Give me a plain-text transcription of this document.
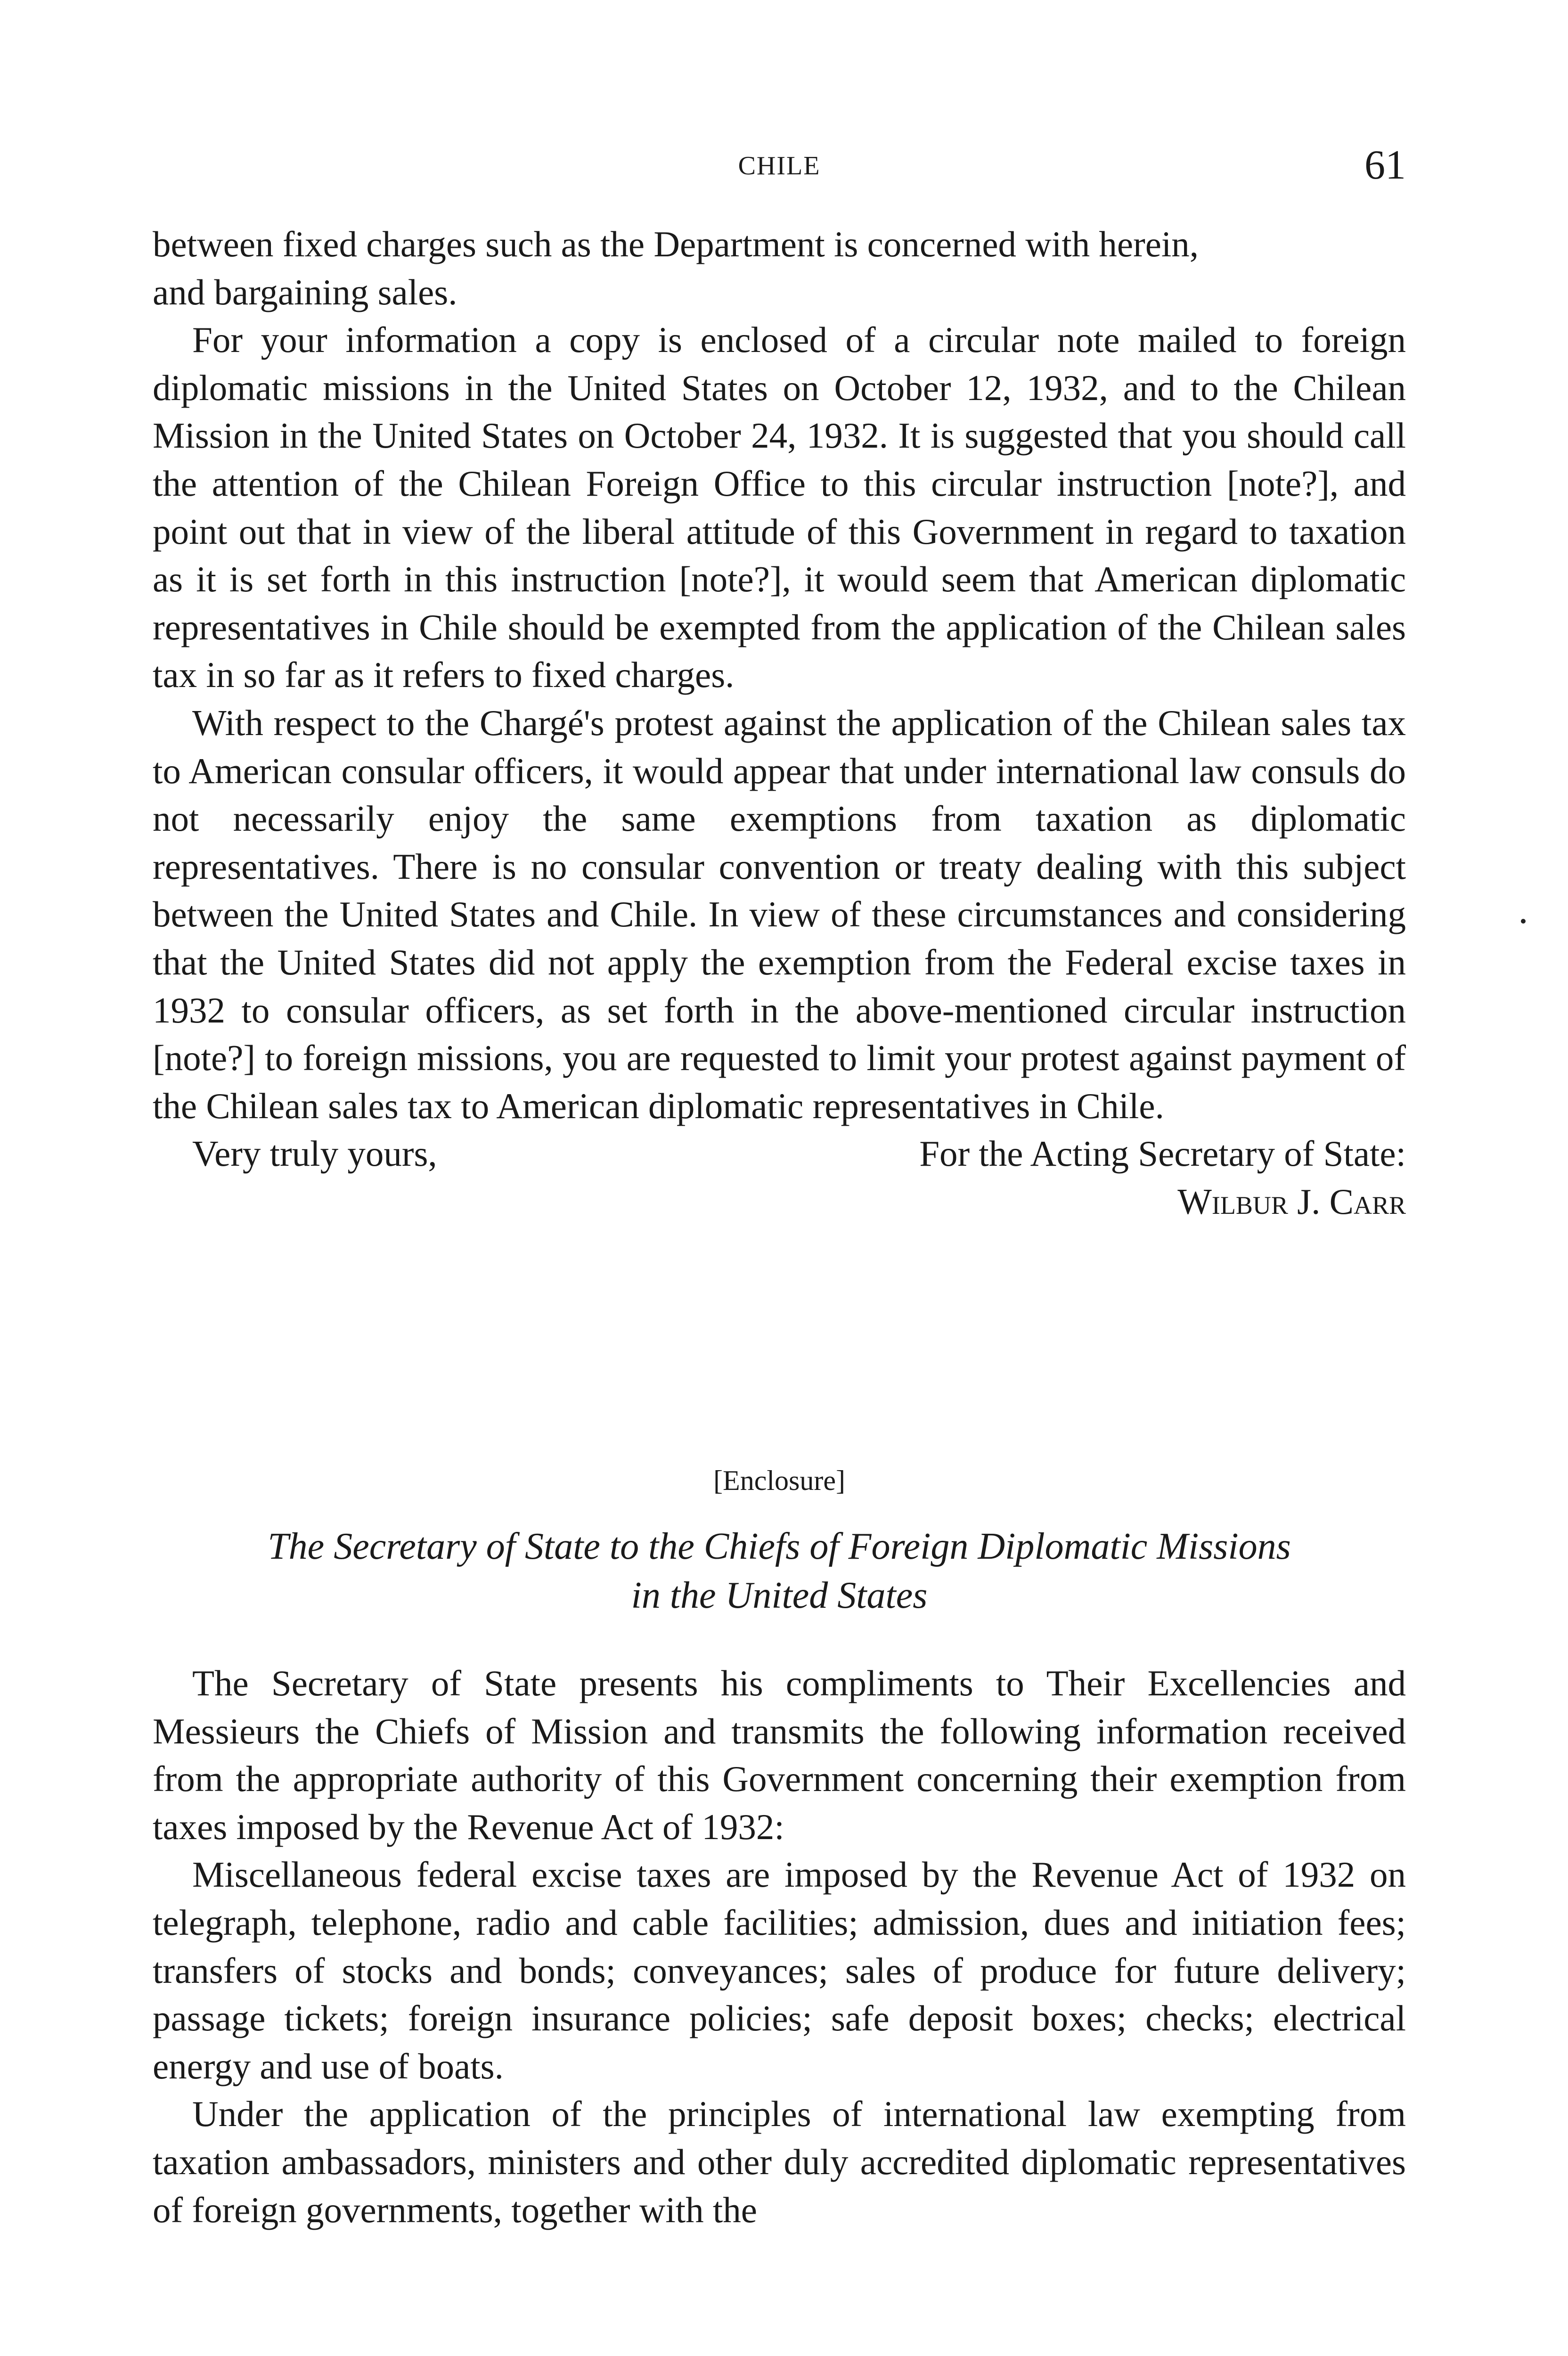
CHILE	61

between fixed charges such as the Department is concerned with herein,

and bargaining sales.

For your information a copy is enclosed of a circular note mailed to foreign diplomatic missions in the United States on October 12, 1932, and to the Chilean Mission in the United States on October 24, 1932. It is suggested that you should call the attention of the Chilean Foreign Office to this circular instruction [note?], and point out that in view of the liberal attitude of this Government in regard to taxation as it is set forth in this instruction [note?], it would seem that American diplomatic representatives in Chile should be exempted from the application of the Chilean sales tax in so far as it refers to fixed charges.

With respect to the Chargé's protest against the application of the Chilean sales tax to American consular officers, it would appear that under international law consuls do not necessarily enjoy the same exemptions from taxation as diplomatic representatives. There is no consular convention or treaty dealing with this subject between the United States and Chile. In view of these circumstances and considering that the United States did not apply the exemption from the Federal excise taxes in 1932 to consular officers, as set forth in the above-mentioned circular instruction [note?] to foreign missions, you are requested to limit your protest against payment of the Chilean sales tax to American diplomatic representatives in Chile.

Very truly yours,	For the Acting Secretary of State:

Wilbur J. Carr

[Enclosure]
The Secretary of State to the Chiefs of Foreign Diplomatic Missions
in the United States

The Secretary of State presents his compliments to Their Excellencies and Messieurs the Chiefs of Mission and transmits the following information received from the appropriate authority of this Government concerning their exemption from taxes imposed by the Revenue Act of 1932:

Miscellaneous federal excise taxes are imposed by the Revenue Act of 1932 on telegraph, telephone, radio and cable facilities; admission, dues and initiation fees; transfers of stocks and bonds; conveyances; sales of produce for future delivery; passage tickets; foreign insurance policies; safe deposit boxes; checks; electrical energy and use of boats.

Under the application of the principles of international law exempting from taxation ambassadors, ministers and other duly accredited diplomatic representatives of foreign governments, together with the
